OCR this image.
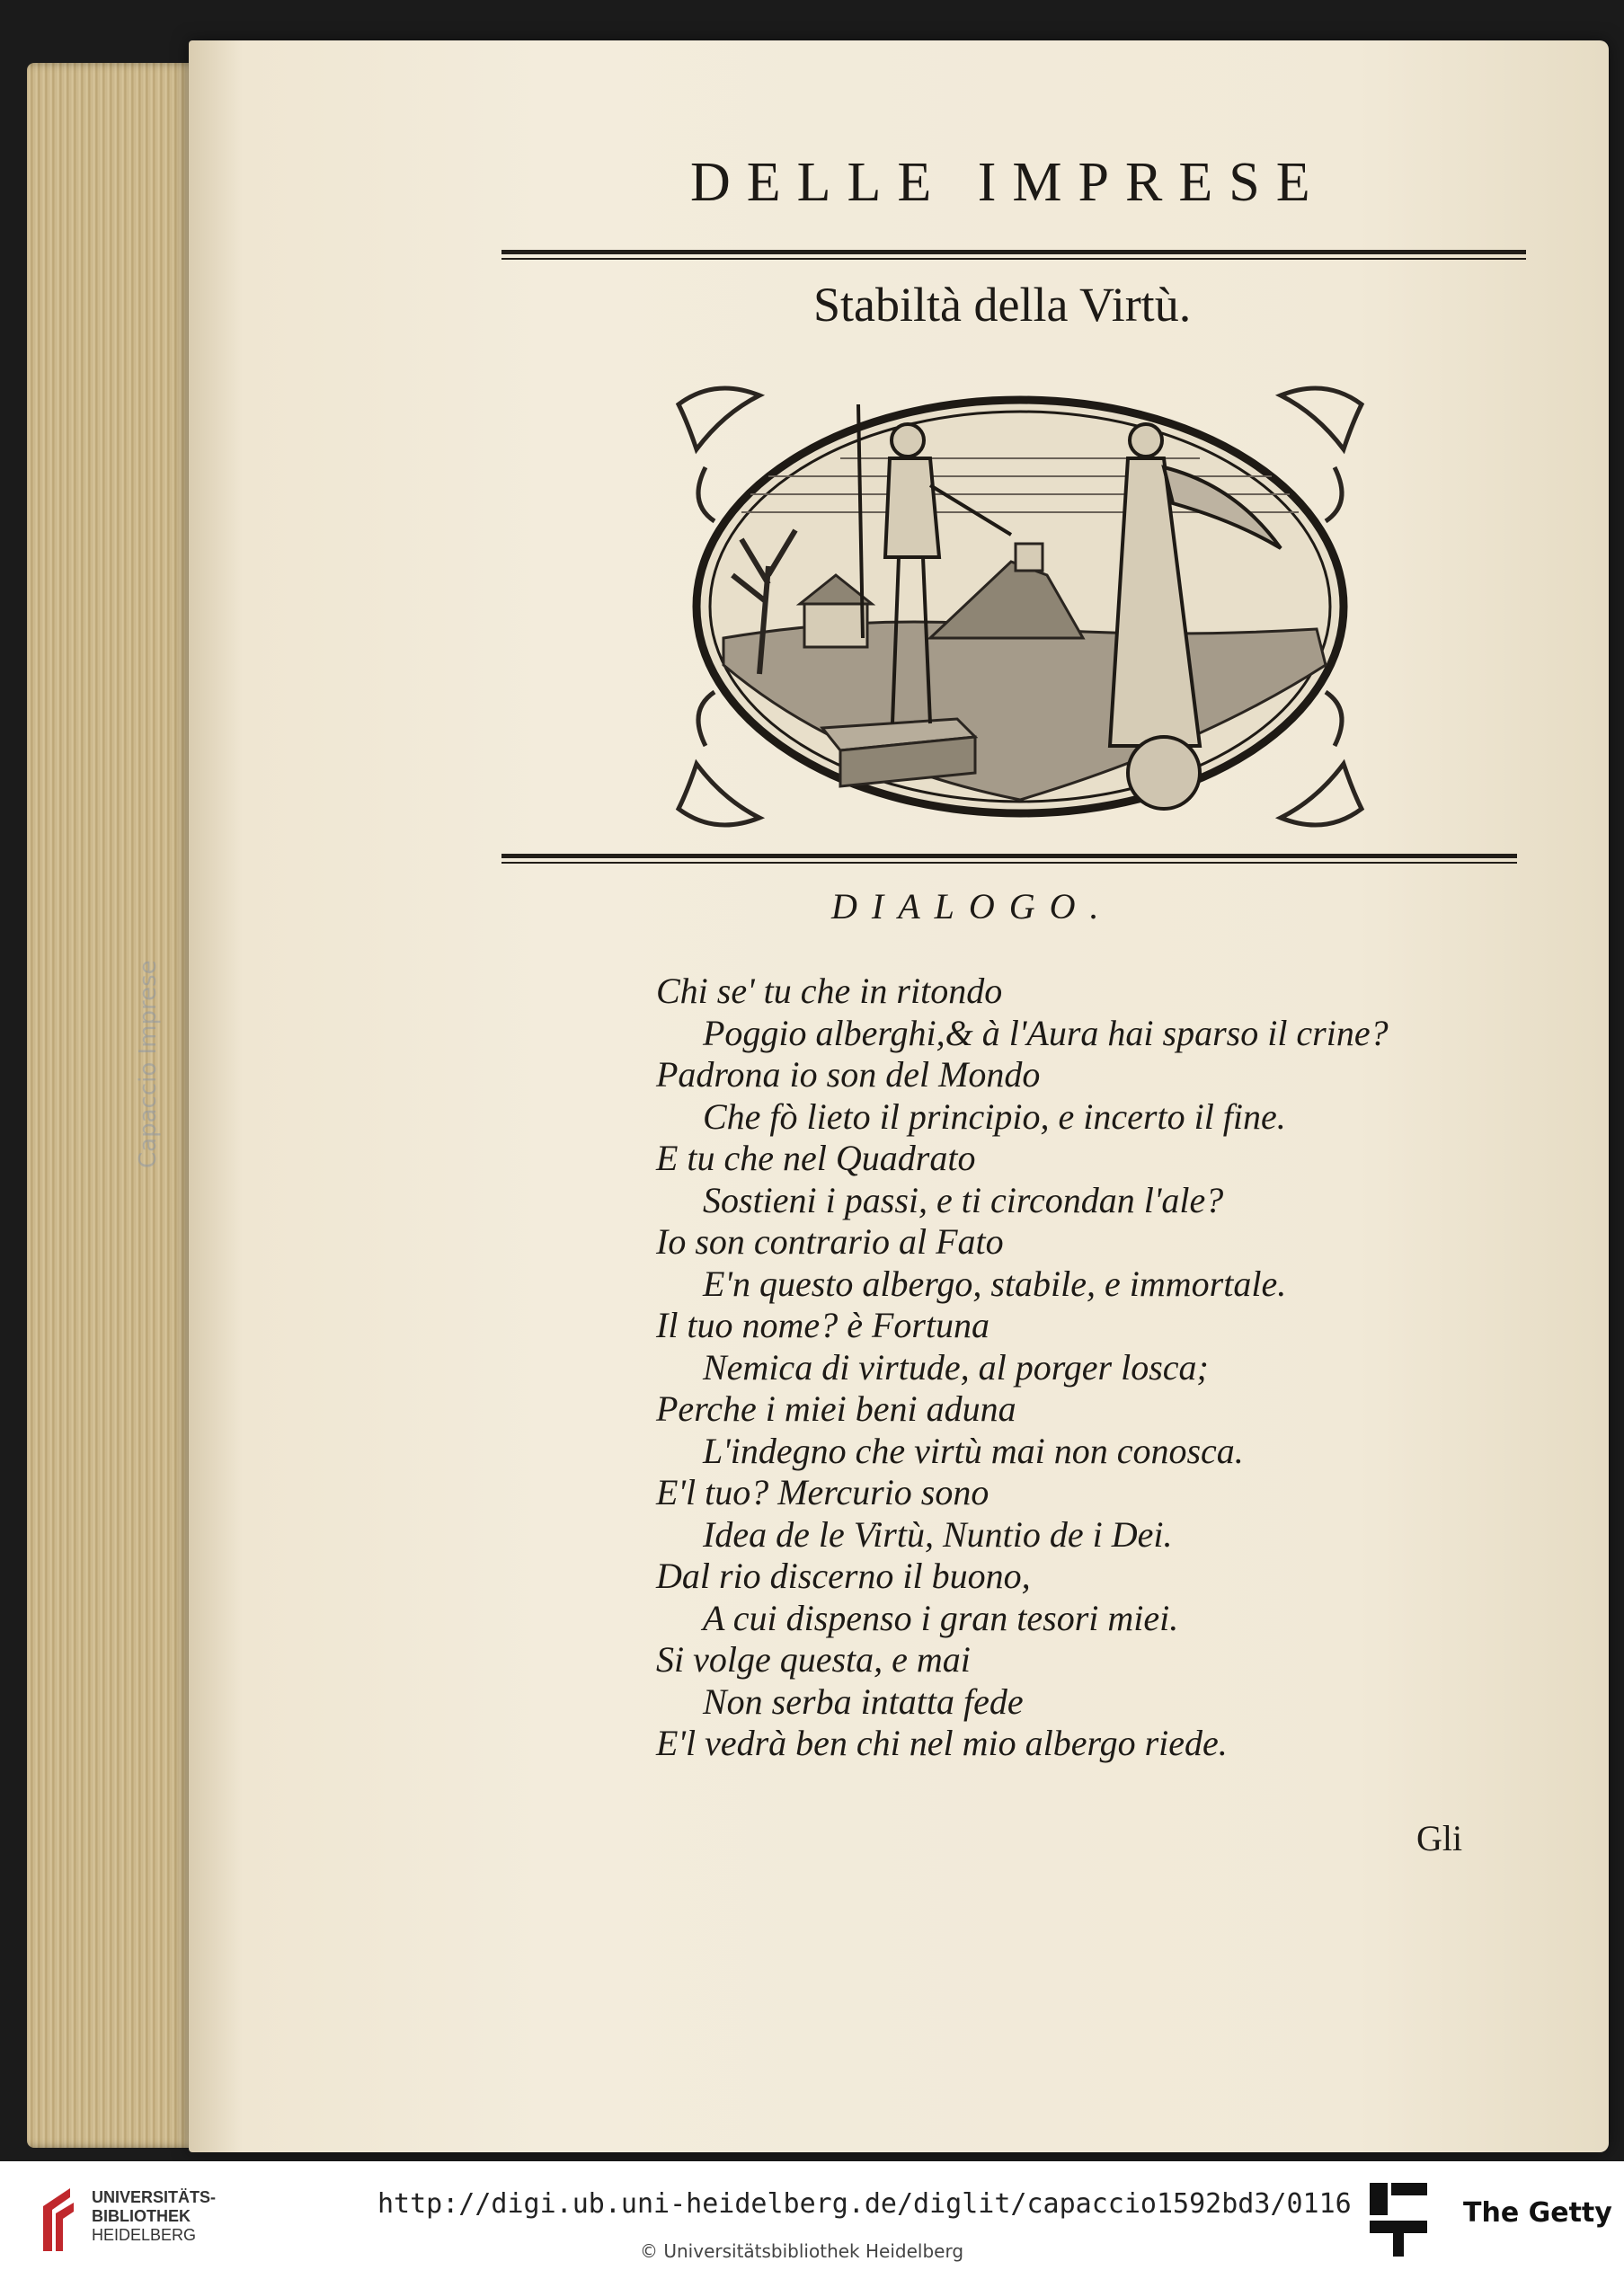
Capaccio Imprese
DELLE IMPRESE
Stabiltà della Virtù.
DIALOGO.
Chi se' tu che in ritondo
Poggio alberghi,& à l'Aura hai sparso il crine?
Padrona io son del Mondo
Che fò lieto il principio, e incerto il fine.
E tu che nel Quadrato
Sostieni i passi, e ti circondan l'ale?
Io son contrario al Fato
E'n questo albergo, stabile, e immortale.
Il tuo nome? è Fortuna
Nemica di virtude, al porger losca;
Perche i miei beni aduna
L'indegno che virtù mai non conosca.
E'l tuo? Mercurio sono
Idea de le Virtù, Nuntio de i Dei.
Dal rio discerno il buono,
A cui dispenso i gran tesori miei.
Si volge questa, e mai
Non serba intatta fede
E'l vedrà ben chi nel mio albergo riede.
Gli
UNIVERSITÄTS-
BIBLIOTHEK
HEIDELBERG
http://digi.ub.uni-heidelberg.de/diglit/capaccio1592bd3/0116
© Universitätsbibliothek Heidelberg
The Getty
